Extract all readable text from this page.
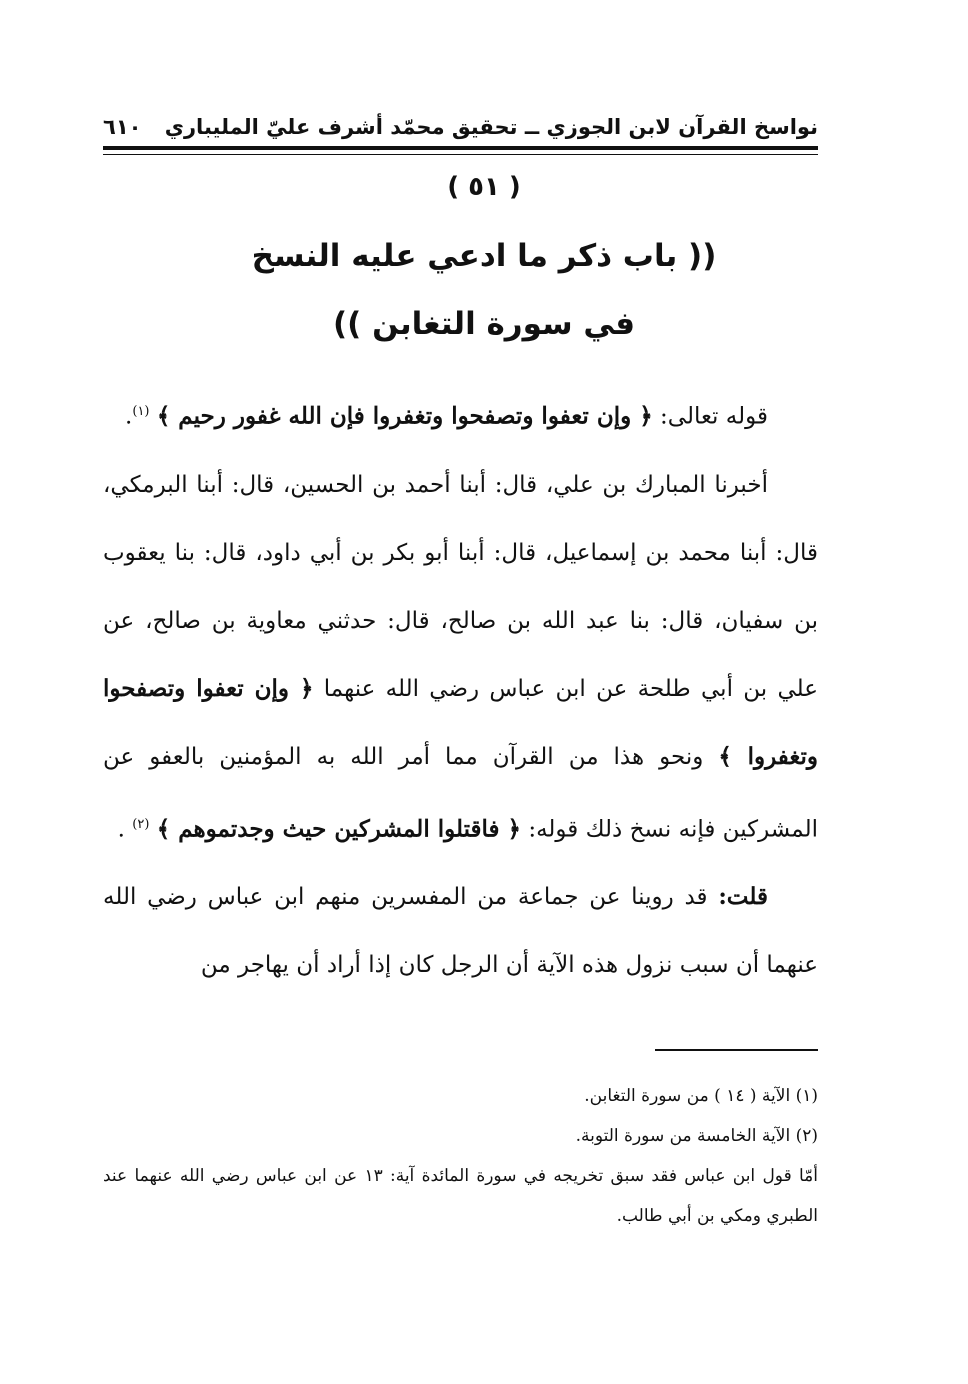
نواسخ القرآن لابن الجوزي ــ تحقيق محمّد أشرف عليّ المليباري
٦١٠
( ٥١ )
(( باب ذكر ما ادعي عليه النسخ
في سورة التغابن ))

قوله تعالى: ﴿ وإن تعفوا وتصفحوا وتغفروا فإن الله غفور رحيم ﴾ $^{(١)}$.

أخبرنا المبارك بن علي، قال: أبنا أحمد بن الحسين، قال: أبنا البرمكي، قال: أبنا محمد بن إسماعيل، قال: أبنا أبو بكر بن أبي داود، قال: بنا يعقوب بن سفيان، قال: بنا عبد الله بن صالح، قال: حدثني معاوية بن صالح، عن علي بن أبي طلحة عن ابن عباس رضي الله عنهما ﴿ وإن تعفوا وتصفحوا وتغفروا ﴾ ونحو هذا من القرآن مما أمر الله به المؤمنين بالعفو عن المشركين فإنه نسخ ذلك قوله: ﴿ فاقتلوا المشركين حيث وجدتموهم ﴾ $^{(٢)}$ .

قلت: قد روينا عن جماعة من المفسرين منهم ابن عباس رضي الله عنهما أن سبب نزول هذه الآية أن الرجل كان إذا أراد أن يهاجر من

(١) الآية ( ١٤ ) من سورة التغابن.

(٢) الآية الخامسة من سورة التوبة.

أمّا قول ابن عباس فقد سبق تخريجه في سورة المائدة آية: ١٣ عن ابن عباس رضي الله عنهما عند الطبري ومكي بن أبي طالب.
